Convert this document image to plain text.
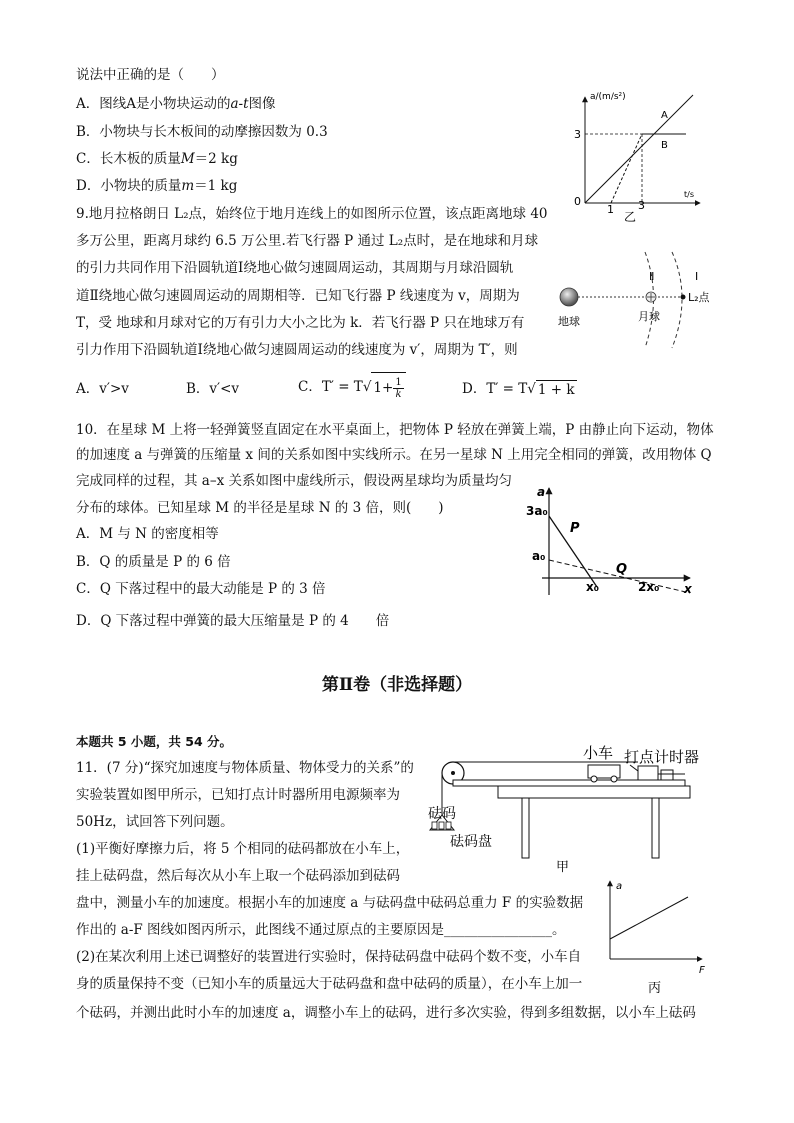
说法中正确的是（　　）
A．图线A是小物块运动的a-t图像
B．小物块与长木板间的动摩擦因数为 0.3
C．长木板的质量M＝2 kg
D．小物块的质量m＝1 kg
a/(m/s²)
t/s
3
0
1 3
A
B
乙
9.地月拉格朗日 L₂点，始终位于地月连线上的如图所示位置，该点距离地球 40
多万公里，距离月球约 6.5 万公里.若飞行器 P 通过 L₂点时，是在地球和月球
的引力共同作用下沿圆轨道Ⅰ绕地心做匀速圆周运动，其周期与月球沿圆轨
道Ⅱ绕地心做匀速圆周运动的周期相等．已知飞行器 P 线速度为 v，周期为
T，受 地球和月球对它的万有引力大小之比为 k．若飞行器 P 只在地球万有
引力作用下沿圆轨道Ⅰ绕地心做匀速圆周运动的线速度为 v′，周期为 T′，则
A．v′>v	B．v′<v	C．T′ = T√ $1+ \frac{1}{k}$	D．T′ = T√ 1 + k
地球	月球
L₂点
Ⅱ	Ⅰ
10．在星球 M 上将一轻弹簧竖直固定在水平桌面上，把物体 P 轻放在弹簧上端，P 由静止向下运动，物体
的加速度 a 与弹簧的压缩量 x 间的关系如图中实线所示。在另一星球 N 上用完全相同的弹簧，改用物体 Q
完成同样的过程，其 a–x 关系如图中虚线所示，假设两星球均为质量均匀
分布的球体。已知星球 M 的半径是星球 N 的 3 倍，则(　　)
A．M 与 N 的密度相等
B．Q 的质量是 P 的 6 倍
C．Q 下落过程中的最大动能是 P 的 3 倍
D．Q 下落过程中弹簧的最大压缩量是 P 的 4　　倍
a
x
3a₀
a₀
x₀	2x₀
P
Q
第Ⅱ卷（非选择题）
本题共 5 小题，共 54 分。
11．(7 分)“探究加速度与物体质量、物体受力的关系”的
实验装置如图甲所示，已知打点计时器所用电源频率为
50Hz，试回答下列问题。
(1)平衡好摩擦力后，将 5 个相同的砝码都放在小车上，
挂上砝码盘，然后每次从小车上取一个砝码添加到砝码
盘中，测量小车的加速度。根据小车的加速度 a 与砝码盘中砝码总重力 F 的实验数据
作出的 a-F 图线如图丙所示，此图线不通过原点的主要原因是________________。
(2)在某次利用上述已调整好的装置进行实验时，保持砝码盘中砝码个数不变，小车自
身的质量保持不变（已知小车的质量远大于砝码盘和盘中砝码的质量），在小车上加一
个砝码，并测出此时小车的加速度 a，调整小车上的砝码，进行多次实验，得到多组数据，以小车上砝码
小车 打点计时器
砝码
砝码盘
甲
a
F
丙
